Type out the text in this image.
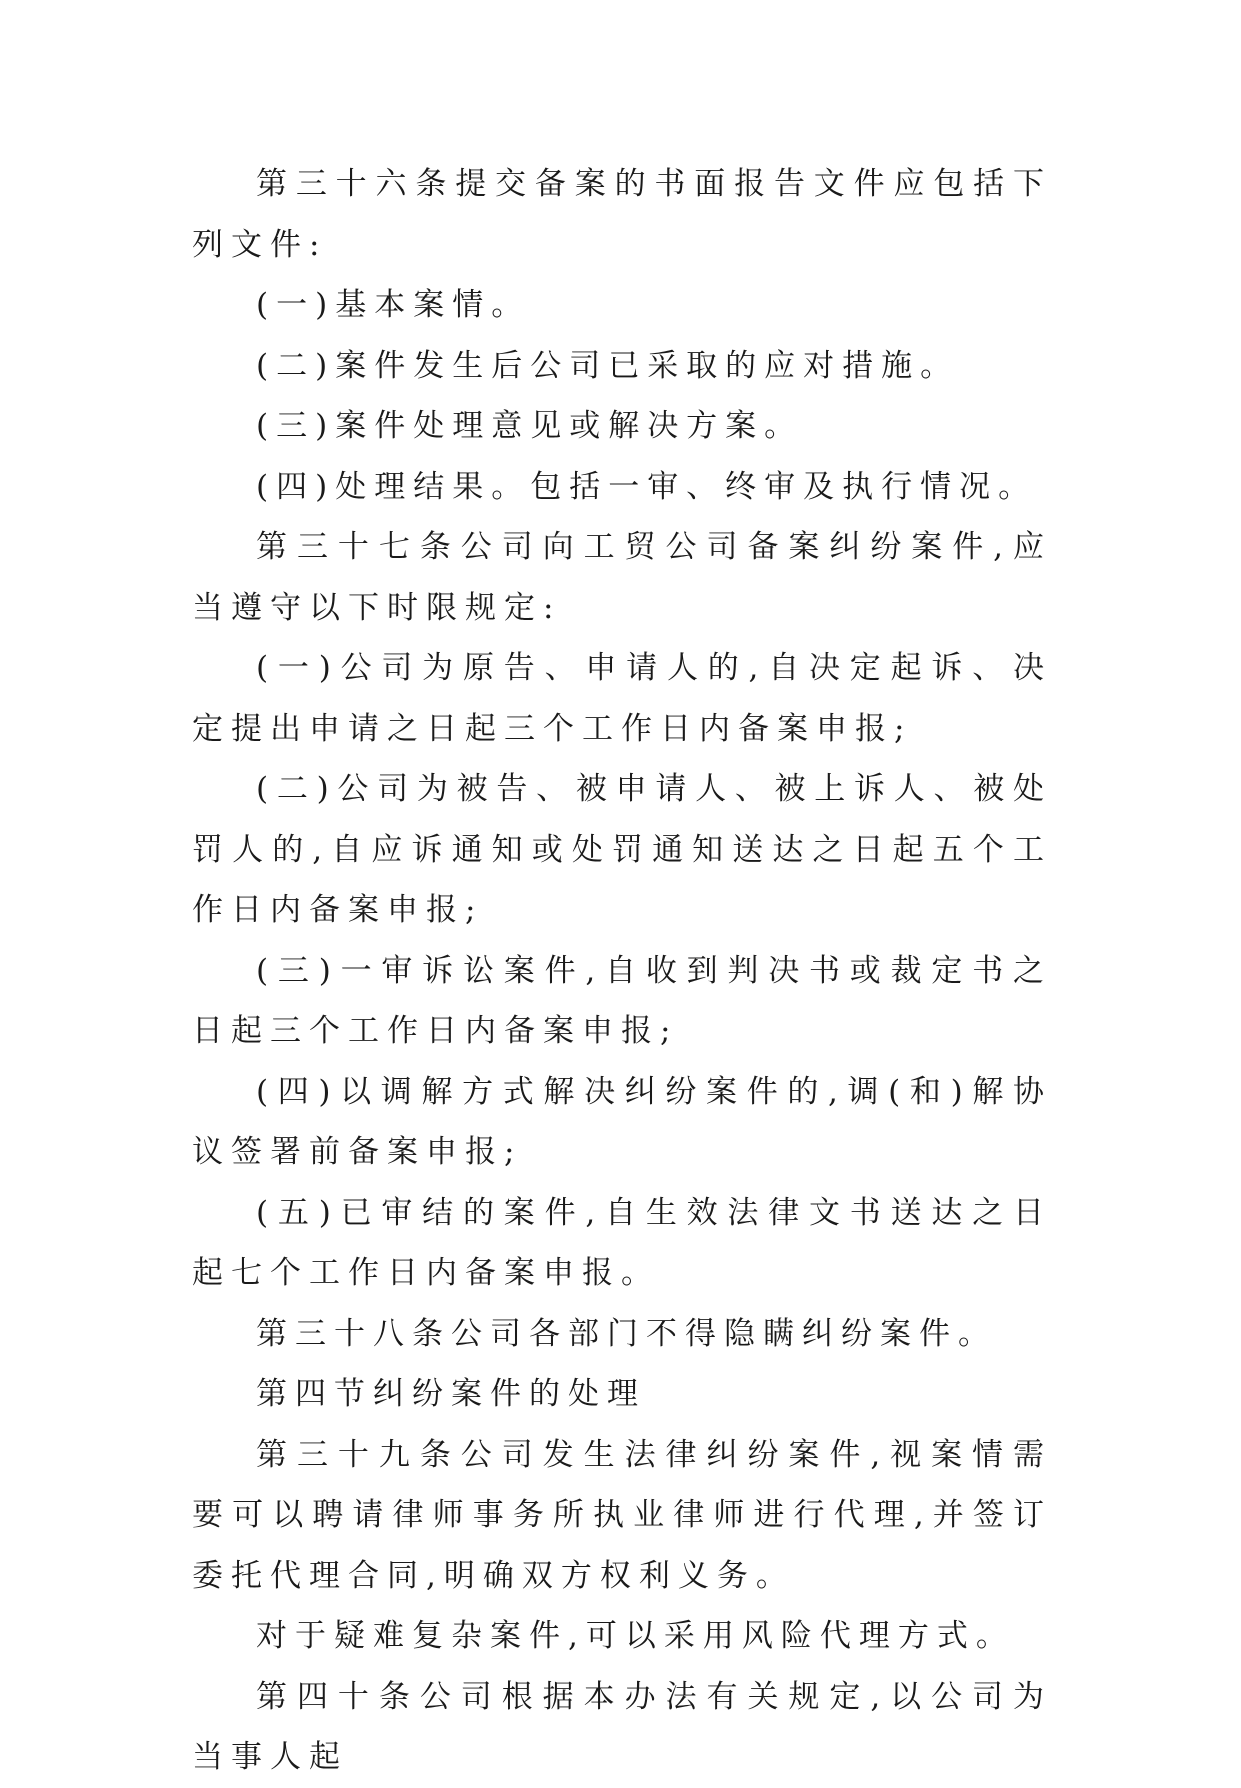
第三十六条提交备案的书面报告文件应包括下列文件:

(一)基本案情。

(二)案件发生后公司已采取的应对措施。

(三)案件处理意见或解决方案。

(四)处理结果。包括一审、终审及执行情况。

第三十七条公司向工贸公司备案纠纷案件,应当遵守以下时限规定:

(一)公司为原告、申请人的,自决定起诉、决定提出申请之日起三个工作日内备案申报;

(二)公司为被告、被申请人、被上诉人、被处罚人的,自应诉通知或处罚通知送达之日起五个工作日内备案申报;

(三)一审诉讼案件,自收到判决书或裁定书之日起三个工作日内备案申报;

(四)以调解方式解决纠纷案件的,调(和)解协议签署前备案申报;

(五)已审结的案件,自生效法律文书送达之日起七个工作日内备案申报。

第三十八条公司各部门不得隐瞒纠纷案件。

第四节纠纷案件的处理

第三十九条公司发生法律纠纷案件,视案情需要可以聘请律师事务所执业律师进行代理,并签订委托代理合同,明确双方权利义务。

对于疑难复杂案件,可以采用风险代理方式。

第四十条公司根据本办法有关规定,以公司为当事人起
